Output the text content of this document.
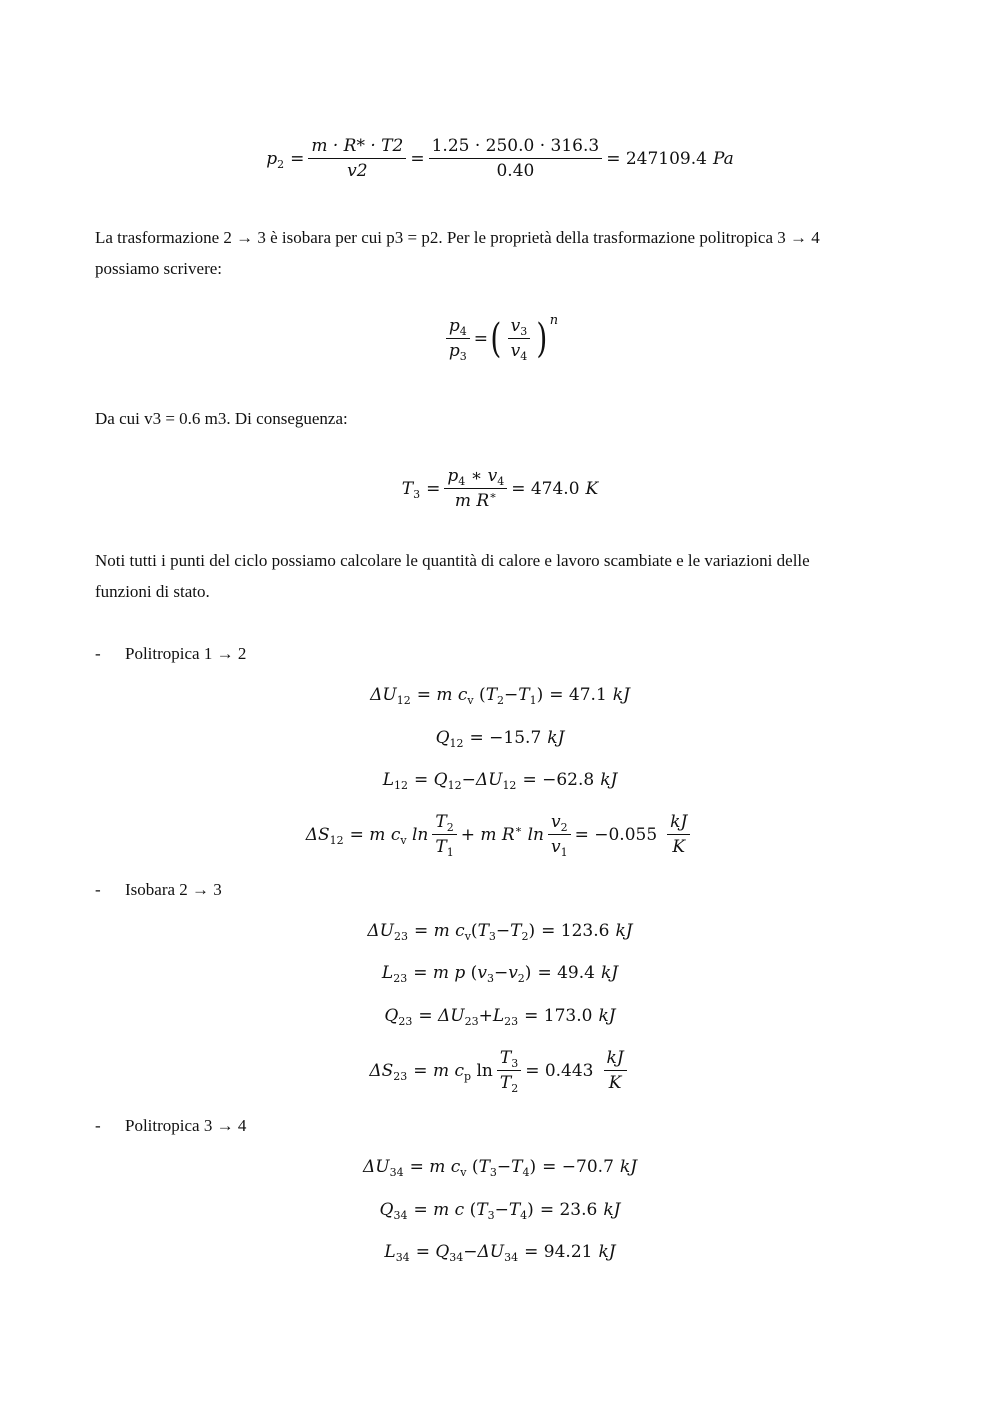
$p_2 = \frac{m \cdot R* \cdot T2}{v2} = \frac{1.25 \cdot 250.0 \cdot 316.3}{0.40} = 247109.4$ Pa
La trasformazione 2 → 3 è isobara per cui p3 = p2. Per le proprietà della trasformazione politropica 3 → 4
possiamo scrivere:
$\frac{p_4}{p_3}$ = ( $\frac{v_3}{v_4}$ ) n
Da cui v3 = 0.6 m3. Di conseguenza:
$T_3 = \frac{p_4 ∗ v_4}{m R^∗} = 474.0$ K
Noti tutti i punti del ciclo possiamo calcolare le quantità di calore e lavoro scambiate e le variazioni delle
funzioni di stato.
- Politropica 1 → 2
$\Delta U_{12} = m$ $c_v$ ( $T_2 - T_1$ ) = 47.1 kJ
$Q_{12} = -15.7$ kJ
$L_{12} = Q_{12} - \Delta U_{12} = -62.8$ kJ
$\Delta S_{12} = m$ $c_v$ $\ln \frac{T_2}{T_1} + m$ R∗ $\ln \frac{v_2}{v_1} = -0.055 \frac{kJ}{K}$
- Isobara 2 → 3
$\Delta U_{23} = m$ $c_v$ ( $T_3 - T_2$ ) = 123.6 kJ
$L_{23} = m$ p ( $v_3 - v_2$ ) = 49.4 kJ
$Q_{23} = \Delta U_{23} + L_{23} = 173.0$ kJ
$\Delta S_{23} = m$ $c_p$ $\ln \frac{T_3}{T_2} = 0.443 \frac{kJ}{K}$
- Politropica 3 → 4
$\Delta U_{34} = m$ $c_v$ ( $T_3 - T_4$ ) = −70.7 kJ
$Q_{34} = m$ c ( $T_3 - T_4$ ) = 23.6 kJ
$L_{34} = Q_{34} - \Delta U_{34} = 94.21$ kJ
